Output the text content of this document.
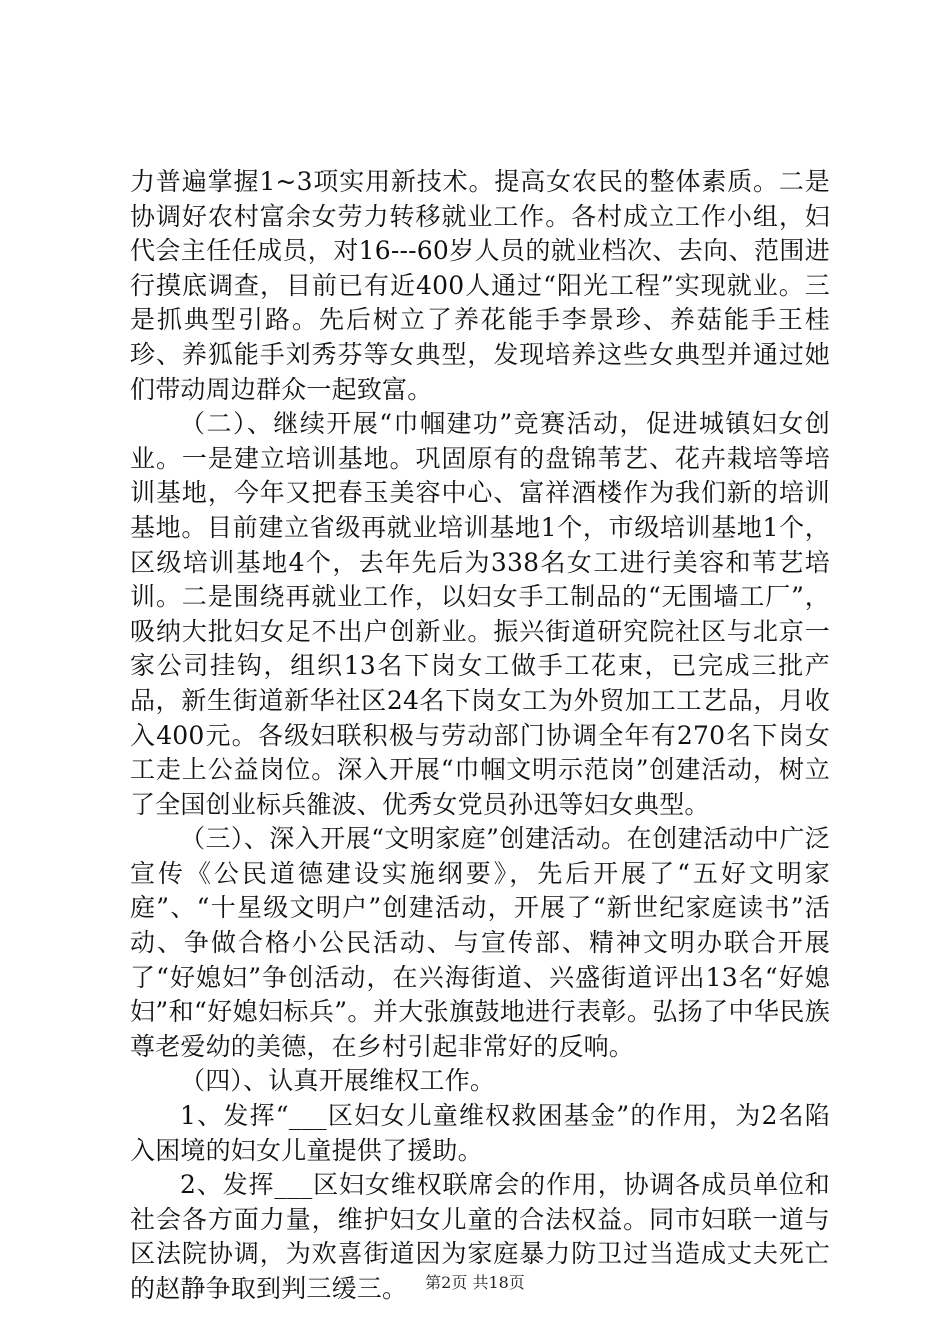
力普遍掌握1~3项实用新技术。提高女农民的整体素质。二是协调好农村富余女劳力转移就业工作。各村成立工作小组，妇代会主任任成员，对16---60岁人员的就业档次、去向、范围进行摸底调查，目前已有近400人通过“阳光工程”实现就业。三是抓典型引路。先后树立了养花能手李景珍、养菇能手王桂珍、养狐能手刘秀芬等女典型，发现培养这些女典型并通过她们带动周边群众一起致富。

（二）、继续开展“巾帼建功”竞赛活动，促进城镇妇女创业。一是建立培训基地。巩固原有的盘锦苇艺、花卉栽培等培训基地，今年又把春玉美容中心、富祥酒楼作为我们新的培训基地。目前建立省级再就业培训基地1个，市级培训基地1个，区级培训基地4个，去年先后为338名女工进行美容和苇艺培训。二是围绕再就业工作，以妇女手工制品的“无围墙工厂”，吸纳大批妇女足不出户创新业。振兴街道研究院社区与北京一家公司挂钩，组织13名下岗女工做手工花束，已完成三批产品，新生街道新华社区24名下岗女工为外贸加工工艺品，月收入400元。各级妇联积极与劳动部门协调全年有270名下岗女工走上公益岗位。深入开展“巾帼文明示范岗”创建活动，树立了全国创业标兵雒波、优秀女党员孙迅等妇女典型。

（三）、深入开展“文明家庭”创建活动。在创建活动中广泛宣传《公民道德建设实施纲要》，先后开展了“五好文明家庭”、“十星级文明户”创建活动，开展了“新世纪家庭读书”活动、争做合格小公民活动、与宣传部、精神文明办联合开展了“好媳妇”争创活动，在兴海街道、兴盛街道评出13名“好媳妇”和“好媳妇标兵”。并大张旗鼓地进行表彰。弘扬了中华民族尊老爱幼的美德，在乡村引起非常好的反响。

（四）、认真开展维权工作。

1、发挥“___区妇女儿童维权救困基金”的作用，为2名陷入困境的妇女儿童提供了援助。

2、发挥___区妇女维权联席会的作用，协调各成员单位和社会各方面力量，维护妇女儿童的合法权益。同市妇联一道与区法院协调，为欢喜街道因为家庭暴力防卫过当造成丈夫死亡的赵静争取到判三缓三。	第2页 共18页
